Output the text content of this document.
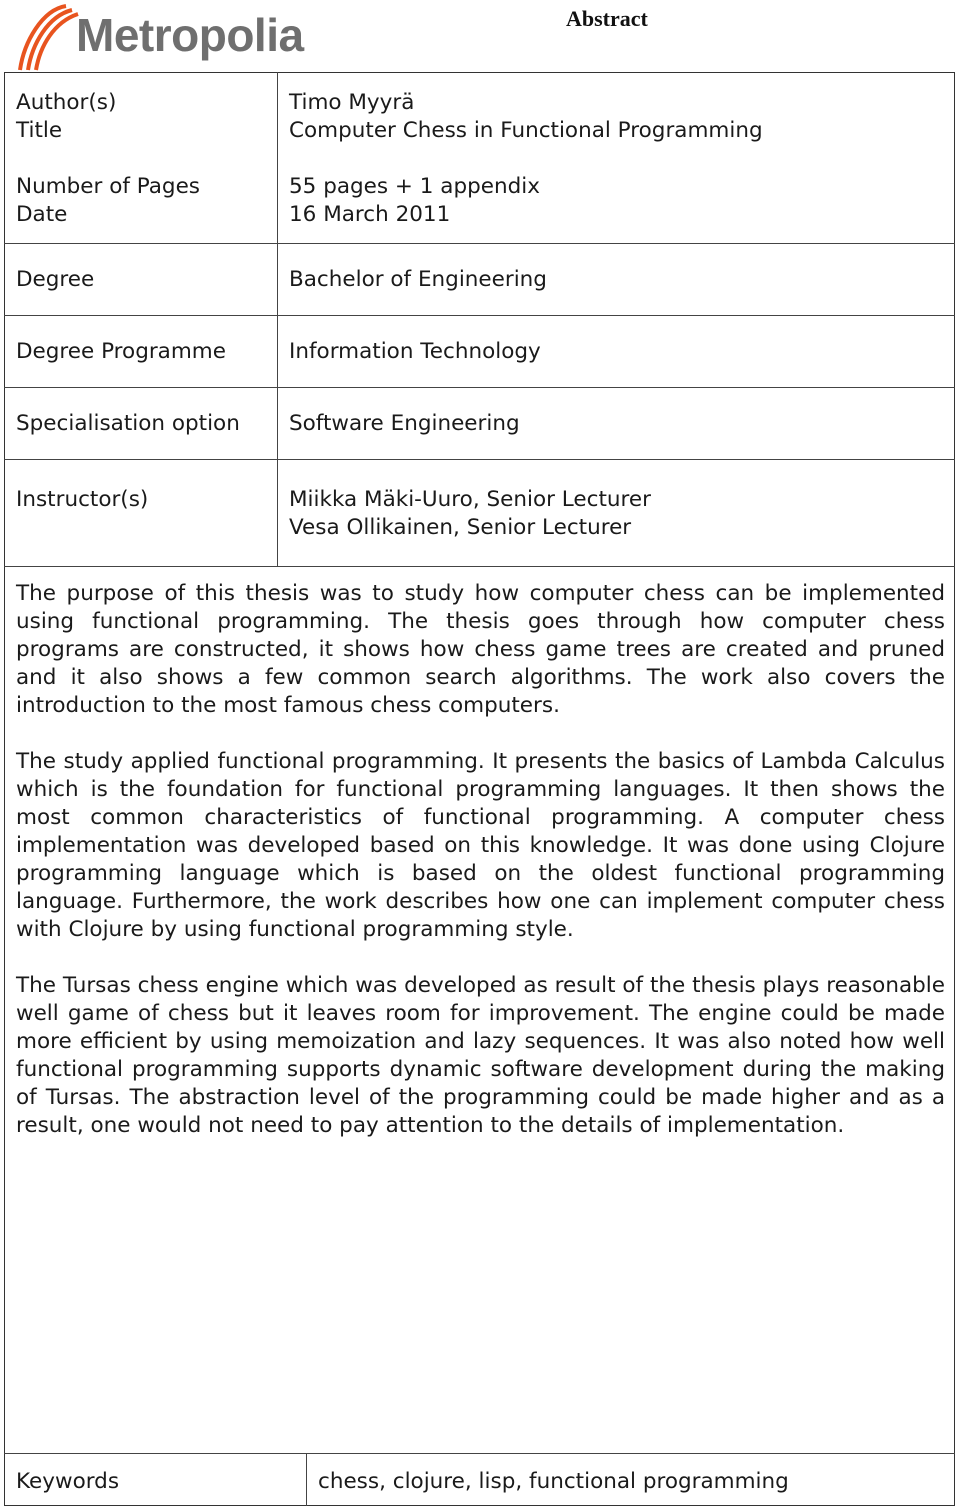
Metropolia	Abstract
Author(s)
Title
Number of Pages
Date
Degree
Degree Programme
Specialisation option
Instructor(s)
Timo Myyrä
Computer Chess in Functional Programming
55 pages + 1 appendix
16 March 2011
Bachelor of Engineering
Information Technology
Software Engineering
Miikka Mäki-Uuro, Senior Lecturer
Vesa Ollikainen, Senior Lecturer

The purpose of this thesis was to study how computer chess can be implemented using functional programming. The thesis goes through how computer chess programs are constructed, it shows how chess game trees are created and pruned and it also shows a few common search algorithms. The work also covers the introduction to the most famous chess computers.

The study applied functional programming. It presents the basics of Lambda Calculus which is the foundation for functional programming languages. It then shows the most common characteristics of functional programming. A computer chess implementation was developed based on this knowledge. It was done using Clojure programming language which is based on the oldest functional programming language. Furthermore, the work describes how one can implement computer chess with Clojure by using functional programming style.

The Tursas chess engine which was developed as result of the thesis plays reasonable well game of chess but it leaves room for improvement. The engine could be made more efficient by using memoization and lazy sequences. It was also noted how well functional programming supports dynamic software development during the making of Tursas. The abstraction level of the programming could be made higher and as a result, one would not need to pay attention to the details of implementation.

Keywords	chess, clojure, lisp, functional programming
